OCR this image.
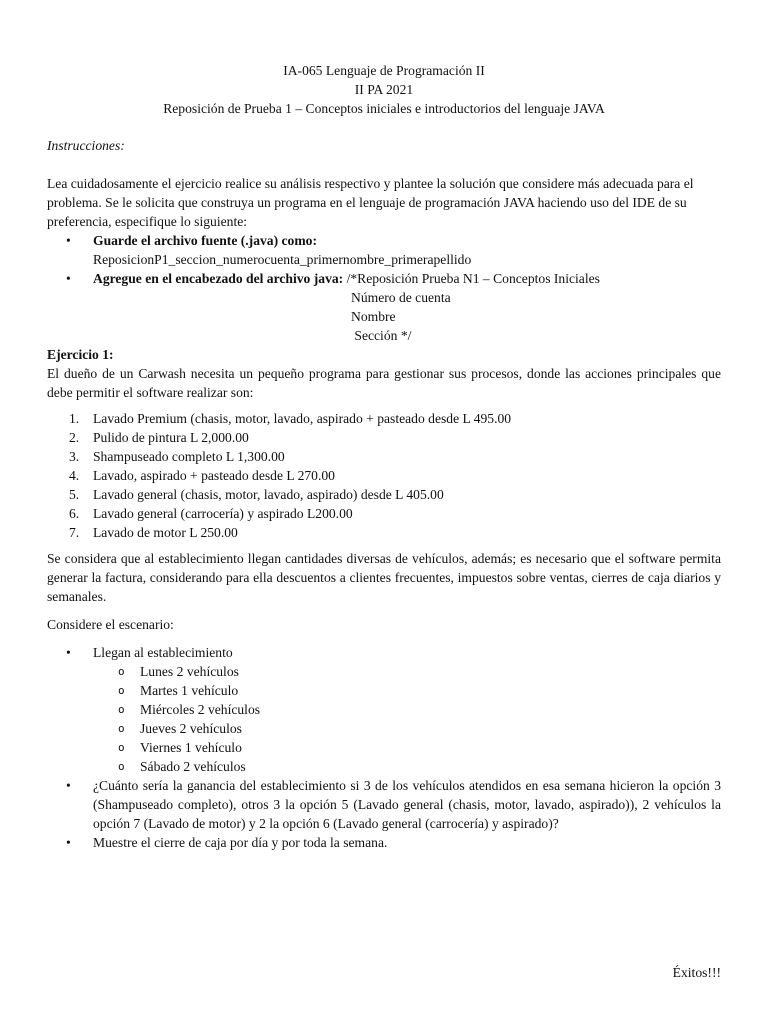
IA-065 Lenguaje de Programación II

II PA 2021

Reposición de Prueba 1 – Conceptos iniciales e introductorios del lenguaje JAVA

Instrucciones:

Lea cuidadosamente el ejercicio realice su análisis respectivo y plantee la solución que considere más adecuada para el problema. Se le solicita que construya un programa en el lenguaje de programación JAVA haciendo uso del IDE de su preferencia, especifique lo siguiente:

• Guarde el archivo fuente (.java) como:
ReposicionP1_seccion_numerocuenta_primernombre_primerapellido
• Agregue en el encabezado del archivo java: /*Reposición Prueba N1 – Conceptos Iniciales
Número de cuenta
Nombre
Sección */

Ejercicio 1:

El dueño de un Carwash necesita un pequeño programa para gestionar sus procesos, donde las acciones principales que debe permitir el software realizar son:

1. Lavado Premium (chasis, motor, lavado, aspirado + pasteado desde L 495.00
2. Pulido de pintura L 2,000.00
3. Shampuseado completo L 1,300.00
4. Lavado, aspirado + pasteado desde L 270.00
5. Lavado general (chasis, motor, lavado, aspirado) desde L 405.00
6. Lavado general (carrocería) y aspirado L200.00
7. Lavado de motor L 250.00

Se considera que al establecimiento llegan cantidades diversas de vehículos, además; es necesario que el software permita generar la factura, considerando para ella descuentos a clientes frecuentes, impuestos sobre ventas, cierres de caja diarios y semanales.

Considere el escenario:

• Llegan al establecimiento
o Lunes 2 vehículos
o Martes 1 vehículo
o Miércoles 2 vehículos
o Jueves 2 vehículos
o Viernes 1 vehículo
o Sábado 2 vehículos
• ¿Cuánto sería la ganancia del establecimiento si 3 de los vehículos atendidos en esa semana hicieron la opción 3 (Shampuseado completo), otros 3 la opción 5 (Lavado general (chasis, motor, lavado, aspirado)), 2 vehículos la opción 7 (Lavado de motor) y 2 la opción 6 (Lavado general (carrocería) y aspirado)?
• Muestre el cierre de caja por día y por toda la semana.
Éxitos!!!
